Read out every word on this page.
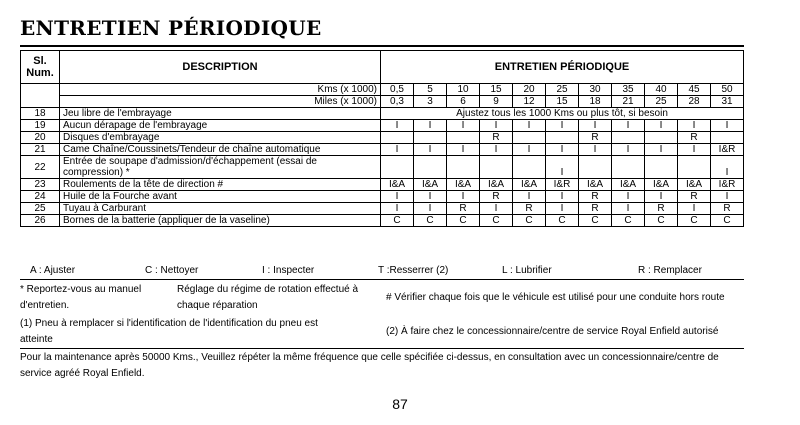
ENTRETIEN PÉRIODIQUE
Sl. Num.	DESCRIPTION	ENTRETIEN PÉRIODIQUE										
	Kms (x 1000)	0,5	5	10	15	20	25	30	35	40	45	50
	Miles (x 1000)	0,3	3	6	9	12	15	18	21	25	28	31
18	Jeu libre de l'embrayage	Ajustez tous les 1000 Kms ou plus tôt, si besoin										
19	Aucun dérapage de l'embrayage	I	I	I	I	I	I	I	I	I	I	I
20	Disques d'embrayage				R			R			R	
21	Came Chaîne/Coussinets/Tendeur de chaîne automatique	I	I	I	I	I	I	I	I	I	I	I&R
22	Entrée de soupape d'admission/d'échappement (essai de compression) *						I					I
23	Roulements de la tête de direction #	I&A	I&A	I&A	I&A	I&A	I&R	I&A	I&A	I&A	I&A	I&R
24	Huile de la Fourche avant	I	I	I	R	I	I	R	I	I	R	I
25	Tuyau à Carburant	I	I	R	I	R	I	R	I	R	I	R
26	Bornes de la batterie (appliquer de la vaseline)	C	C	C	C	C	C	C	C	C	C	C
A : Ajuster	C : Nettoyer	I : Inspecter	T :Resserrer (2)	L : Lubrifier	R : Remplacer
* Reportez-vous au manuel
d'entretien.
Réglage du régime de rotation effectué à
chaque réparation
# Vérifier chaque fois que le véhicule est utilisé pour une conduite hors route
(1) Pneu à remplacer si l'identification de l'identification du pneu est
atteinte
(2) À faire chez le concessionnaire/centre de service Royal Enfield autorisé
Pour la maintenance après 50000 Kms., Veuillez répéter la même fréquence que celle spécifiée ci-dessus, en consultation avec un concessionnaire/centre de service agréé Royal Enfield.
87
